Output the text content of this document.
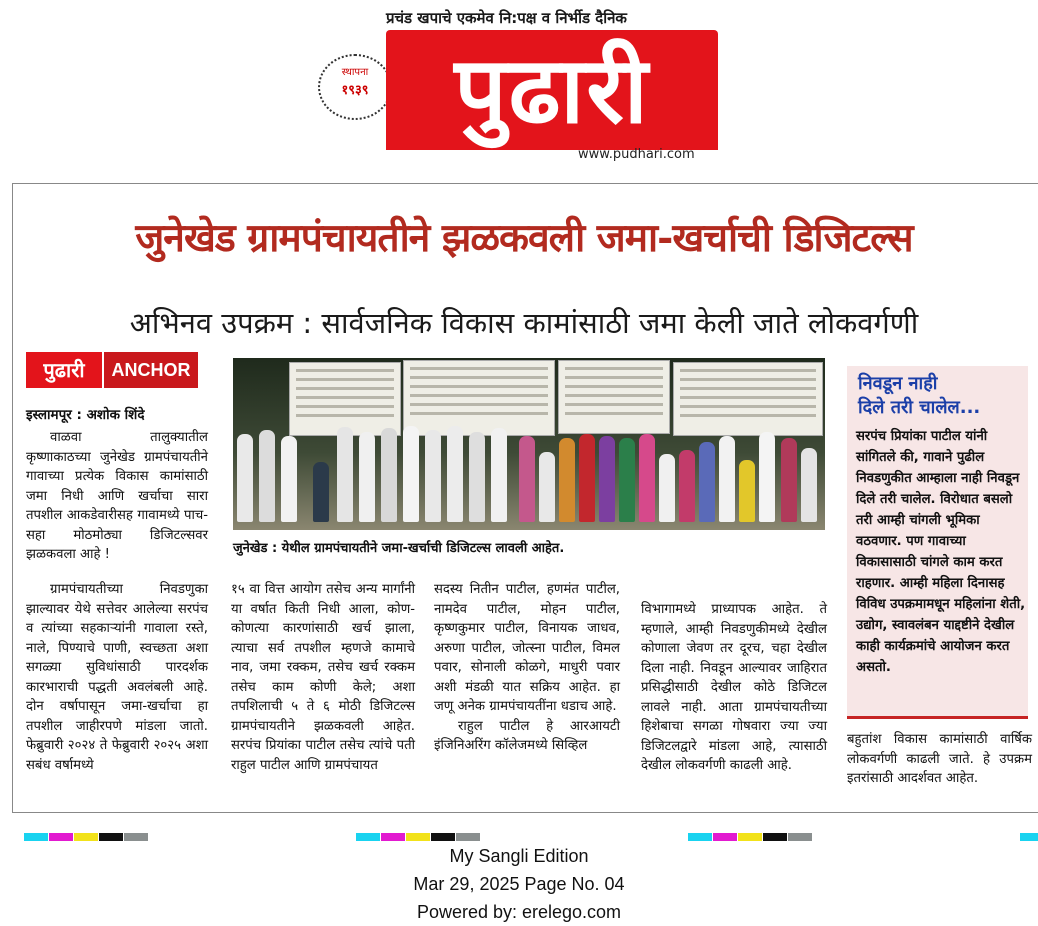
प्रचंड खपाचे एकमेव नि:पक्ष व निर्भीड दैनिक
स्थापना
१९३९ पुढारी
www.pudhari.com
जुनेखेड ग्रामपंचायतीने झळकवली जमा-खर्चाची डिजिटल्स
अभिनव उपक्रम : सार्वजनिक विकास कामांसाठी जमा केली जाते लोकवर्गणी
पुढारी	ANCHOR
जुनेखेड : येथील ग्रामपंचायतीने जमा-खर्चाची डिजिटल्स लावली आहेत.
इस्लामपूर : अशोक शिंदे

वाळवा तालुक्यातील कृष्णाकाठच्या जुनेखेड ग्रामपंचायतीने गावाच्या प्रत्येक विकास कामांसाठी जमा निधी आणि खर्चाचा सारा तपशील आकडेवारीसह गावामध्ये पाच-सहा मोठमोठ्या डिजिटल्सवर झळकवला आहे !

ग्रामपंचायतीच्या निवडणुका झाल्यावर येथे सत्तेवर आलेल्या सरपंच व त्यांच्या सहकाऱ्यांनी गावाला रस्ते, नाले, पिण्याचे पाणी, स्वच्छता अशा सगळ्या सुविधांसाठी पारदर्शक कारभाराची पद्धती अवलंबली आहे. दोन वर्षापासून जमा-खर्चाचा हा तपशील जाहीरपणे मांडला जातो. फेब्रुवारी २०२४ ते फेब्रुवारी २०२५ अशा सबंध वर्षामध्ये

१५ वा वित्त आयोग तसेच अन्य मार्गांनी या वर्षात किती निधी आला, कोण-कोणत्या कारणांसाठी खर्च झाला, त्याचा सर्व तपशील म्हणजे कामाचे नाव, जमा रक्कम, तसेच खर्च रक्कम तसेच काम कोणी केले; अशा तपशिलाची ५ ते ६ मोठी डिजिटल्स ग्रामपंचायतीने झळकवली आहेत. सरपंच प्रियांका पाटील तसेच त्यांचे पती राहुल पाटील आणि ग्रामपंचायत

सदस्य नितीन पाटील, हणमंत पाटील, नामदेव पाटील, मोहन पाटील, कृष्णकुमार पाटील, विनायक जाधव, अरुणा पाटील, जोत्स्ना पाटील, विमल पवार, सोनाली कोळगे, माधुरी पवार अशी मंडळी यात सक्रिय आहेत. हा जणू अनेक ग्रामपंचायतींना धडाच आहे.

राहुल पाटील हे आरआयटी इंजिनिअरिंग कॉलेजमध्ये सिव्हिल

विभागामध्ये प्राध्यापक आहेत. ते म्हणाले, आम्ही निवडणुकीमध्ये देखील कोणाला जेवण तर दूरच, चहा देखील दिला नाही. निवडून आल्यावर जाहिरात प्रसिद्धीसाठी देखील कोठे डिजिटल लावले नाही. आता ग्रामपंचायतीच्या हिशेबाचा सगळा गोषवारा ज्या ज्या डिजिटलद्वारे मांडला आहे, त्यासाठी देखील लोकवर्गणी काढली आहे.

निवडून नाही
दिले तरी चालेल...
सरपंच प्रियांका पाटील यांनी सांगितले की, गावाने पुढील निवडणुकीत आम्हाला नाही निवडून दिले तरी चालेल. विरोधात बसलो तरी आम्ही चांगली भूमिका वठवणार. पण गावाच्या विकासासाठी चांगले काम करत राहणार. आम्ही महिला दिनासह विविध उपक्रमामधून महिलांना शेती, उद्योग, स्वावलंबन याद्दष्टीने देखील काही कार्यक्रमांचे आयोजन करत असतो.

बहुतांश विकास कामांसाठी वार्षिक लोकवर्गणी काढली जाते. हे उपक्रम इतरांसाठी आदर्शवत आहेत.

My Sangli Edition
Mar 29, 2025 Page No. 04
Powered by: erelego.com
